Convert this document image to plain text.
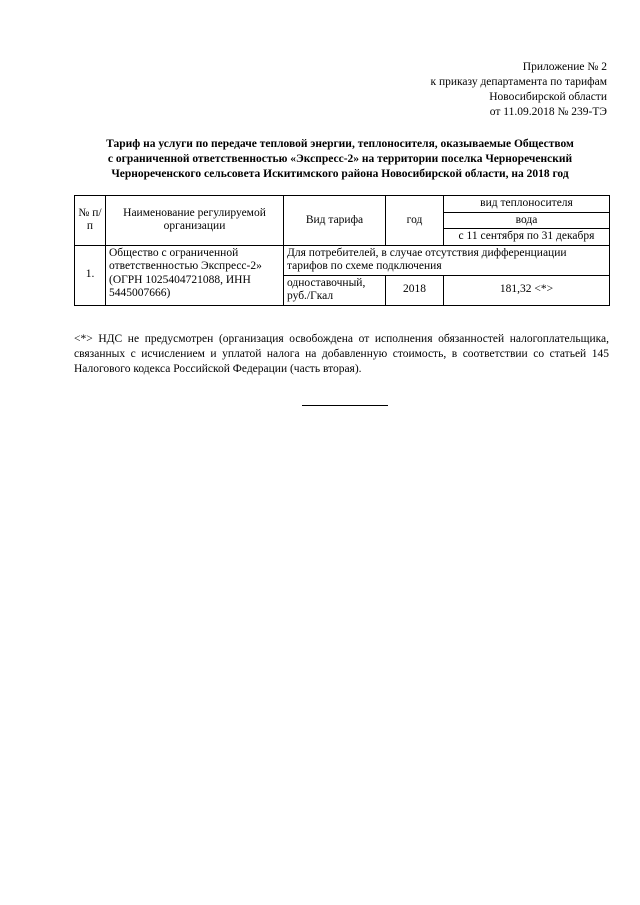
Приложение № 2
к приказу департамента по тарифам
Новосибирской области
от 11.09.2018 № 239-ТЭ
Тариф на услуги по передаче тепловой энергии, теплоносителя, оказываемые Обществом
с ограниченной ответственностью «Экспресс-2» на территории поселка Чернореченский
Чернореченского сельсовета Искитимского района Новосибирской области, на 2018 год
№ п/п	Наименование регулируемой организации	Вид тарифа	год	вид теплоносителя
				вода
				с 11 сентября по 31 декабря
1.	Общество с ограниченной ответственностью Экспресс-2» (ОГРН 1025404721088, ИНН 5445007666)	Для потребителей, в случае отсутствия дифференциации тарифов по схеме подключения		
		одноставочный, руб./Гкал	2018	181,32 <*>
<*> НДС не предусмотрен (организация освобождена от исполнения обязанностей налогоплательщика, связанных с исчислением и уплатой налога на добавленную стоимость, в соответствии со статьей 145 Налогового кодекса Российской Федерации (часть вторая).
